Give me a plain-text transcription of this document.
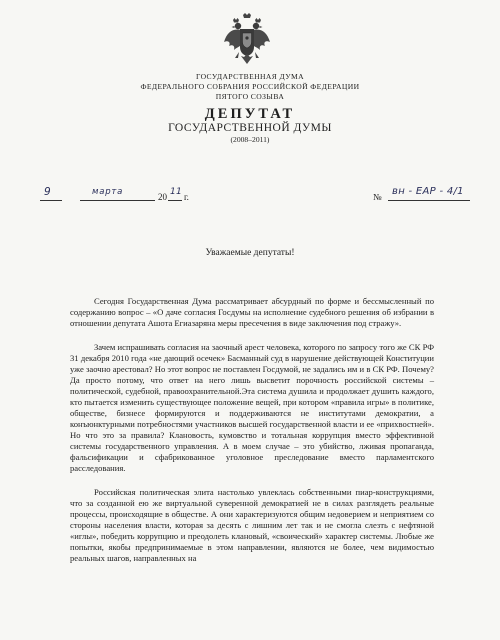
ГОСУДАРСТВЕННАЯ ДУМА
ФЕДЕРАЛЬНОГО СОБРАНИЯ РОССИЙСКОЙ ФЕДЕРАЦИИ
ПЯТОГО СОЗЫВА
ДЕПУТАТ
ГОСУДАРСТВЕННОЙ ДУМЫ
(2008–2011)
9	марта	20 11 г.	№ вн - ЕАР - 4/1
Уважаемые депутаты!

Сегодня Государственная Дума рассматривает абсурдный по форме и бессмысленный по содержанию вопрос – «О даче согласия Госдумы на исполнение судебного решения об избрании в отношении депутата Ашота Егиазаряна меры пресечения в виде заключения под стражу».

Зачем испрашивать согласия на заочный арест человека, которого по запросу того же СК РФ 31 декабря 2010 года «не дающий осечек» Басманный суд в нарушение действующей Конституции уже заочно арестовал? Но этот вопрос не поставлен Госдумой, не задались им и в СК РФ. Почему? Да просто потому, что ответ на него лишь высветит порочность российской системы – политической, судебной, правоохранительной.Эта система душила и продолжает душить каждого, кто пытается изменить существующее положение вещей, при котором «правила игры» в политике, обществе, бизнесе формируются и поддерживаются не институтами демократии, а конъюнктурными потребностями участников высшей государственной власти и ее «прихвостней». Но что это за правила? Клановость, кумовство и тотальная коррупция вместо эффективной системы государственного управления. А в моем случае – это убийство, лживая пропаганда, фальсификации и сфабрикованное уголовное преследование вместо парламентского расследования.

Российская политическая элита настолько увлеклась собственными пиар-конструкциями, что за созданной ею же виртуальной суверенной демократией не в силах разглядеть реальные процессы, происходящие в обществе. А они характеризуются общим недоверием и неприятием со стороны населения власти, которая за десять с лишним лет так и не смогла слезть с нефтяной «иглы», победить коррупцию и преодолеть клановый, «своический» характер системы. Любые же попытки, якобы предпринимаемые в этом направлении, являются не более, чем видимостью реальных шагов, направленных на
